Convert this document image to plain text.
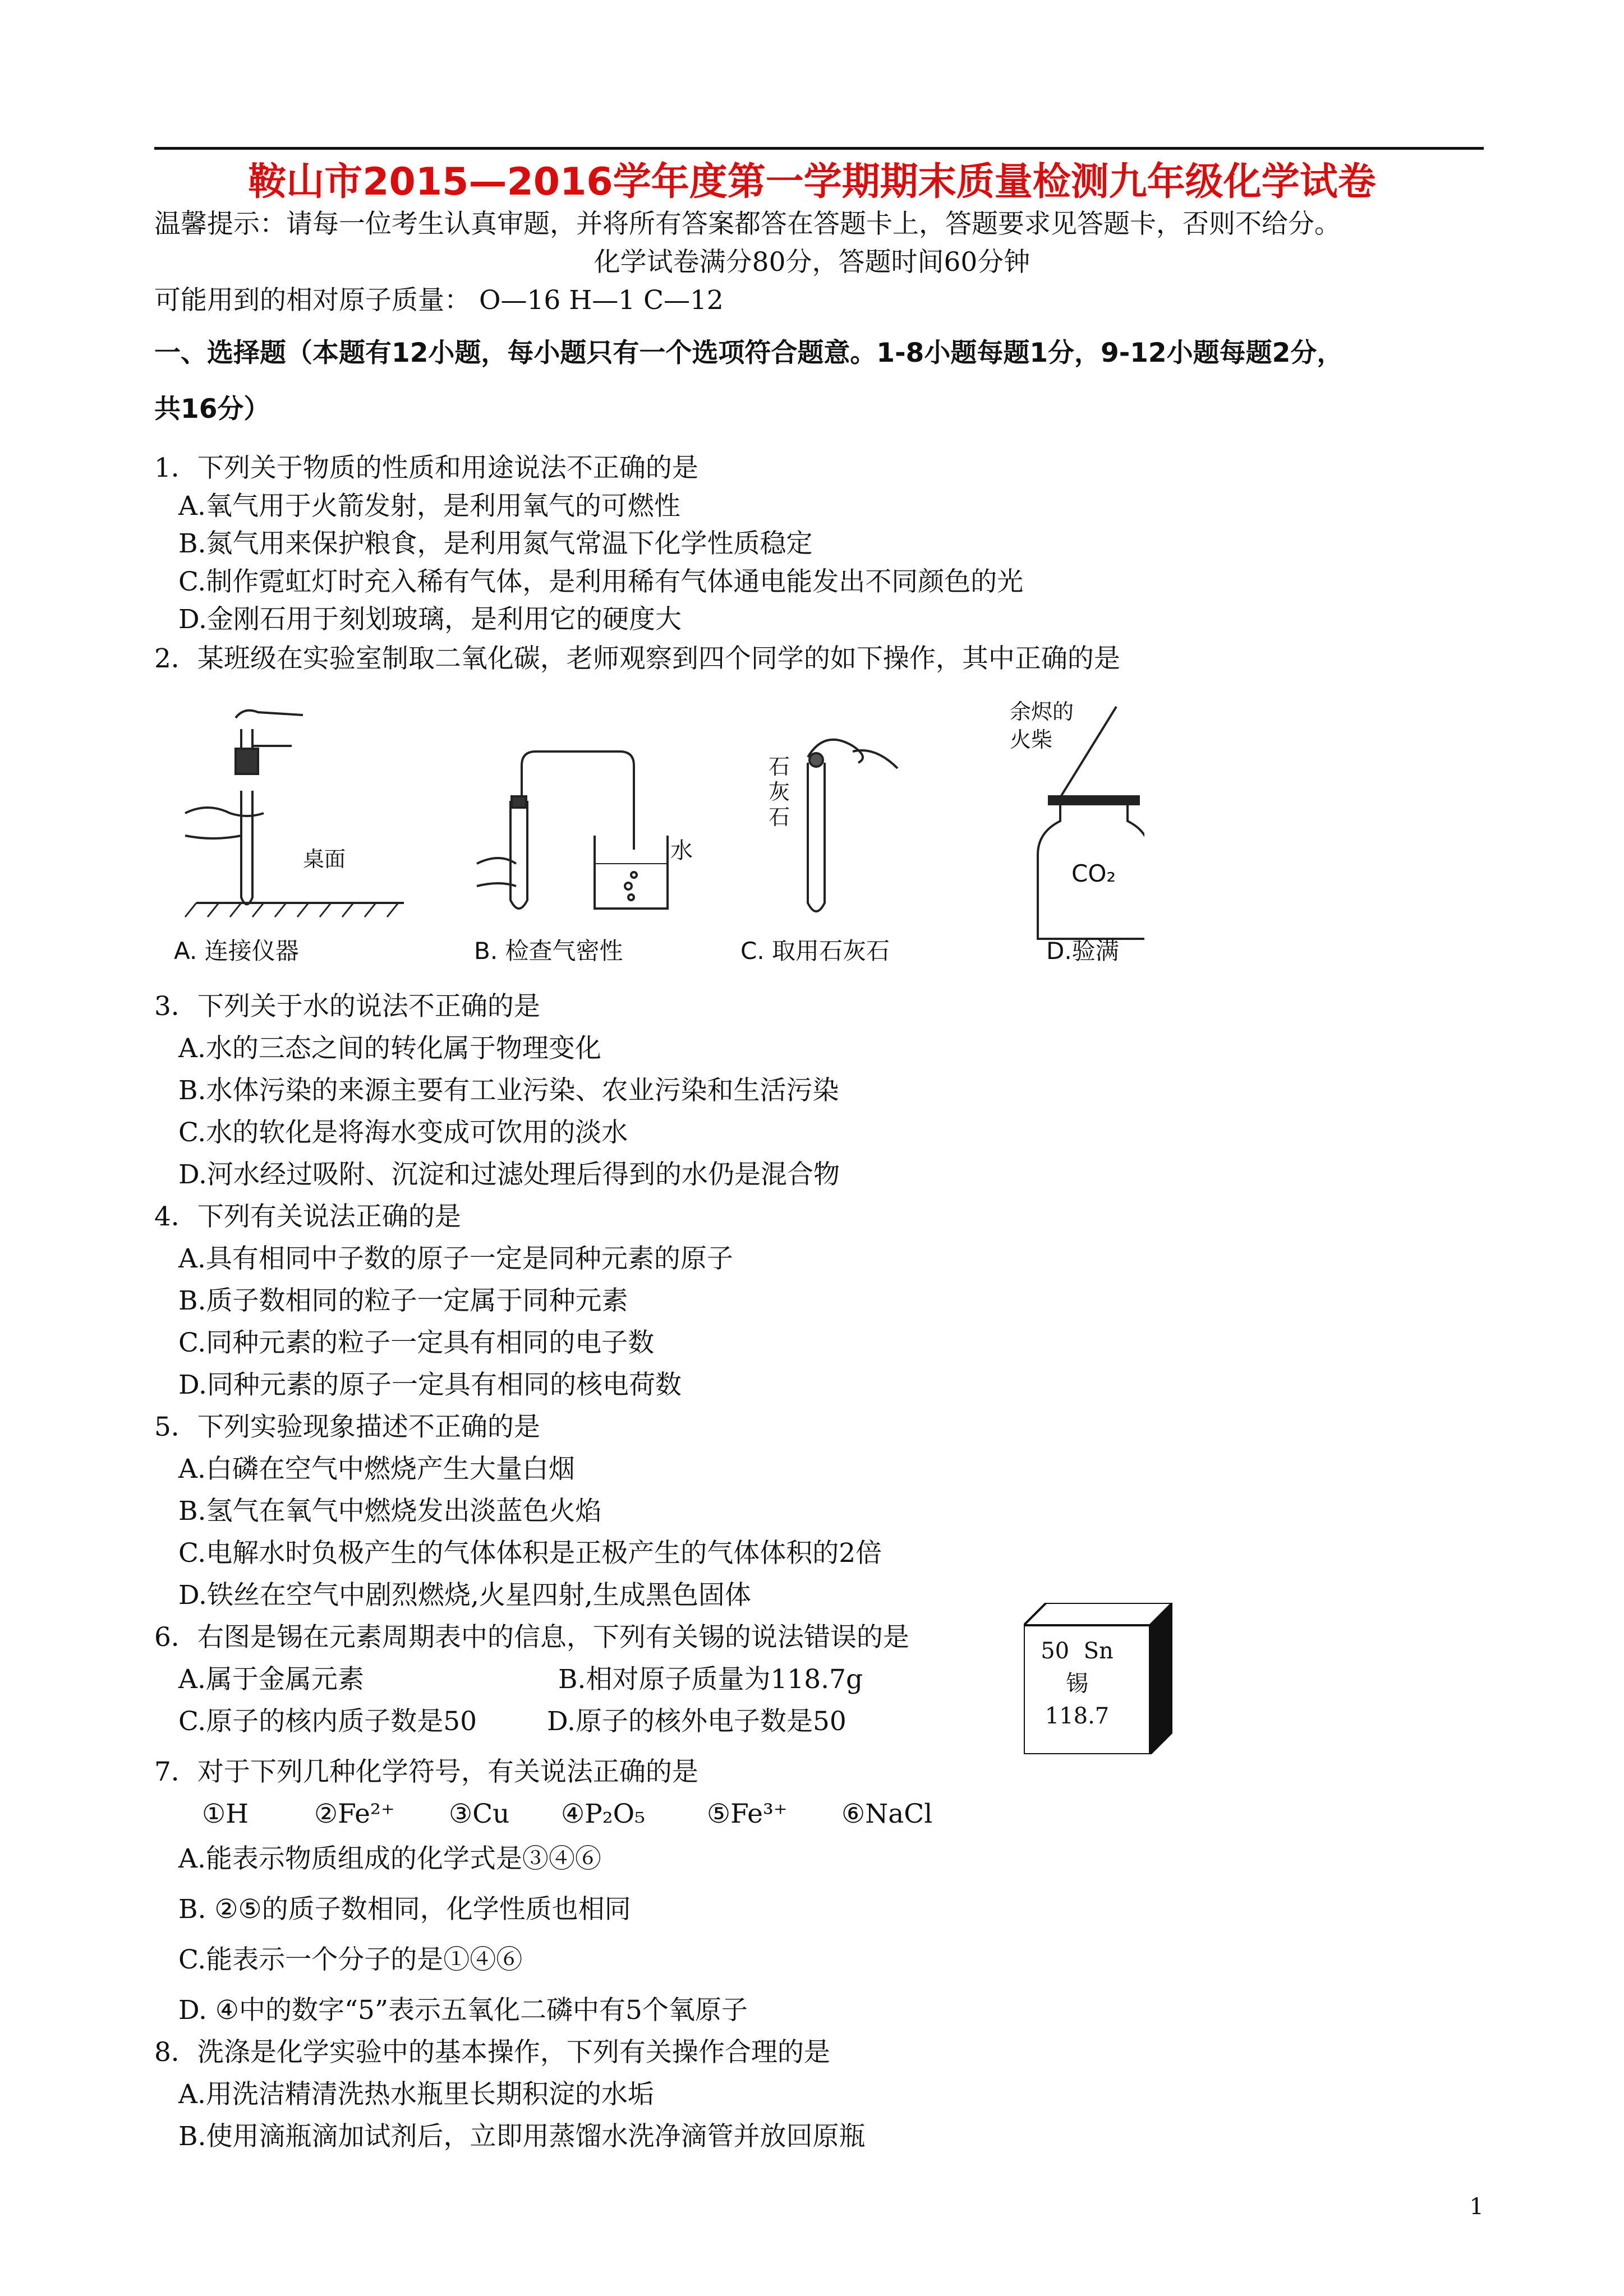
鞍山市2015—2016学年度第一学期期末质量检测九年级化学试卷
温馨提示：请每一位考生认真审题，并将所有答案都答在答题卡上，答题要求见答题卡，否则不给分。
化学试卷满分80分，答题时间60分钟
可能用到的相对原子质量： O—16 H—1 C—12
一、选择题（本题有12小题，每小题只有一个选项符合题意。1-8小题每题1分，9-12小题每题2分，
共16分）
1．下列关于物质的性质和用途说法不正确的是
A.氧气用于火箭发射，是利用氧气的可燃性
B.氮气用来保护粮食，是利用氮气常温下化学性质稳定
C.制作霓虹灯时充入稀有气体，是利用稀有气体通电能发出不同颜色的光
D.金刚石用于刻划玻璃，是利用它的硬度大
2．某班级在实验室制取二氧化碳，老师观察到四个同学的如下操作，其中正确的是
桌面
A. 连接仪器
水
B. 检查气密性
石
灰
石
C. 取用石灰石
余烬的
火柴
CO₂
D.验满
3．下列关于水的说法不正确的是
A.水的三态之间的转化属于物理变化
B.水体污染的来源主要有工业污染、农业污染和生活污染
C.水的软化是将海水变成可饮用的淡水
D.河水经过吸附、沉淀和过滤处理后得到的水仍是混合物
4．下列有关说法正确的是
A.具有相同中子数的原子一定是同种元素的原子
B.质子数相同的粒子一定属于同种元素
C.同种元素的粒子一定具有相同的电子数
D.同种元素的原子一定具有相同的核电荷数
5．下列实验现象描述不正确的是
A.白磷在空气中燃烧产生大量白烟
B.氢气在氧气中燃烧发出淡蓝色火焰
C.电解水时负极产生的气体体积是正极产生的气体体积的2倍
D.铁丝在空气中剧烈燃烧,火星四射,生成黑色固体
6．右图是锡在元素周期表中的信息，下列有关锡的说法错误的是
A.属于金属元素	B.相对原子质量为118.7g
C.原子的核内质子数是50	D.原子的核外电子数是50
50 Sn
锡
118.7
7．对于下列几种化学符号，有关说法正确的是
①H ②Fe²⁺ ③Cu ④P₂O₅ ⑤Fe³⁺ ⑥NaCl
A.能表示物质组成的化学式是③④⑥
B. ②⑤的质子数相同，化学性质也相同
C.能表示一个分子的是①④⑥
D. ④中的数字“5”表示五氧化二磷中有5个氧原子
8．洗涤是化学实验中的基本操作，下列有关操作合理的是
A.用洗洁精清洗热水瓶里长期积淀的水垢
B.使用滴瓶滴加试剂后，立即用蒸馏水洗净滴管并放回原瓶
1
